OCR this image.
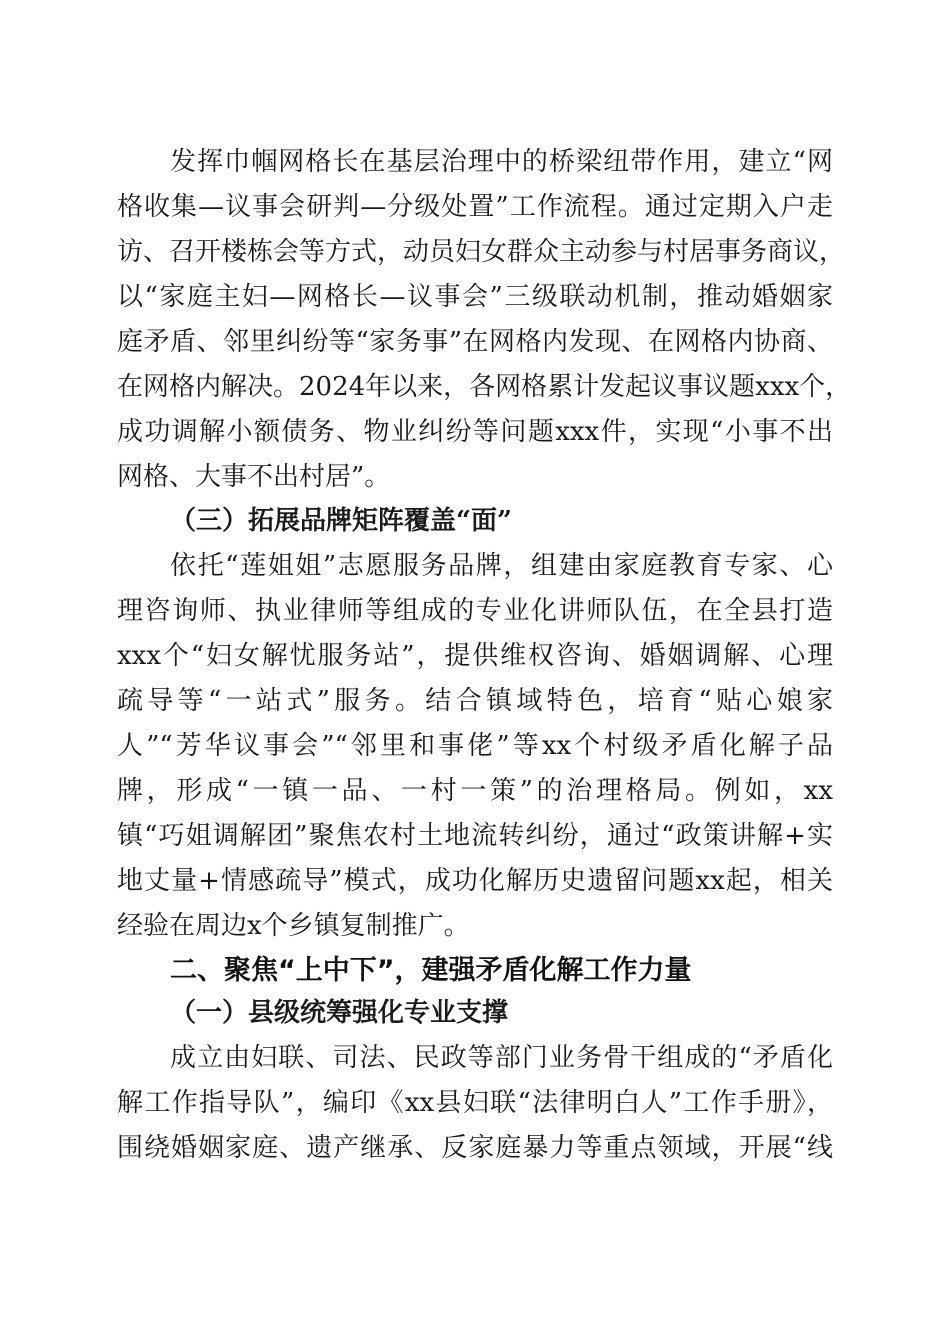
发挥巾帼网格长在基层治理中的桥梁纽带作用，建立“网
格收集—议事会研判—分级处置”工作流程。通过定期入户走
访、召开楼栋会等方式，动员妇女群众主动参与村居事务商议，
以“家庭主妇—网格长—议事会”三级联动机制，推动婚姻家
庭矛盾、邻里纠纷等“家务事”在网格内发现、在网格内协商、
在网格内解决。2024年以来，各网格累计发起议事议题xxx个，
成功调解小额债务、物业纠纷等问题xxx件，实现“小事不出
网格、大事不出村居”。
（三）拓展品牌矩阵覆盖“面”
依托“莲姐姐”志愿服务品牌，组建由家庭教育专家、心
理咨询师、执业律师等组成的专业化讲师队伍，在全县打造
xxx个“妇女解忧服务站”，提供维权咨询、婚姻调解、心理
疏导等“一站式”服务。结合镇域特色，培育“贴心娘家
人”“芳华议事会”“邻里和事佬”等xx个村级矛盾化解子品
牌，形成“一镇一品、一村一策”的治理格局。例如，xx
镇“巧姐调解团”聚焦农村土地流转纠纷，通过“政策讲解+实
地丈量+情感疏导”模式，成功化解历史遗留问题xx起，相关
经验在周边x个乡镇复制推广。
二、聚焦“上中下”，建强矛盾化解工作力量
（一）县级统筹强化专业支撑
成立由妇联、司法、民政等部门业务骨干组成的“矛盾化
解工作指导队”，编印《xx县妇联“法律明白人”工作手册》，
围绕婚姻家庭、遗产继承、反家庭暴力等重点领域，开展“线
